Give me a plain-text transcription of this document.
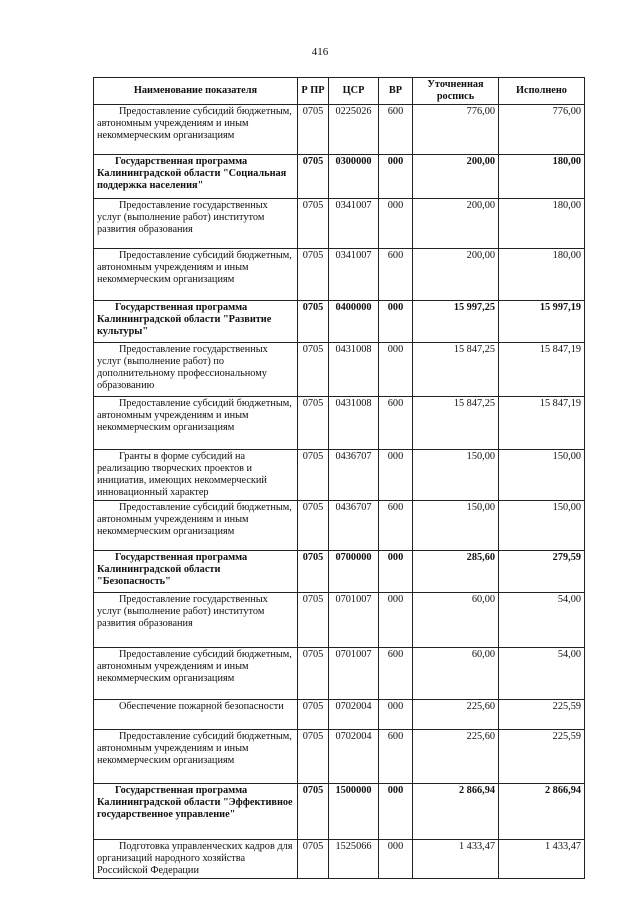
416
Наименование показателя	Р ПР	ЦСР	ВР	Уточненная роспись	Исполнено
Предоставление субсидий бюджетным, автономным учреждениям и иным некоммерческим организациям	0705	0225026	600	776,00	776,00
Государственная программа Калининградской области "Социальная поддержка населения"	0705	0300000	000	200,00	180,00
Предоставление государственных услуг (выполнение работ) институтом развития образования	0705	0341007	000	200,00	180,00
Предоставление субсидий бюджетным, автономным учреждениям и иным некоммерческим организациям	0705	0341007	600	200,00	180,00
Государственная программа Калининградской области "Развитие культуры"	0705	0400000	000	15 997,25	15 997,19
Предоставление государственных услуг (выполнение работ) по дополнительному профессиональному образованию	0705	0431008	000	15 847,25	15 847,19
Предоставление субсидий бюджетным, автономным учреждениям и иным некоммерческим организациям	0705	0431008	600	15 847,25	15 847,19
Гранты в форме субсидий на реализацию творческих проектов и инициатив, имеющих некоммерческий инновационный характер	0705	0436707	000	150,00	150,00
Предоставление субсидий бюджетным, автономным учреждениям и иным некоммерческим организациям	0705	0436707	600	150,00	150,00
Государственная программа Калининградской области "Безопасность"	0705	0700000	000	285,60	279,59
Предоставление государственных услуг (выполнение работ) институтом развития образования	0705	0701007	000	60,00	54,00
Предоставление субсидий бюджетным, автономным учреждениям и иным некоммерческим организациям	0705	0701007	600	60,00	54,00
Обеспечение пожарной безопасности	0705	0702004	000	225,60	225,59
Предоставление субсидий бюджетным, автономным учреждениям и иным некоммерческим организациям	0705	0702004	600	225,60	225,59
Государственная программа Калининградской области "Эффективное государственное управление"	0705	1500000	000	2 866,94	2 866,94
Подготовка управленческих кадров для организаций народного хозяйства Российской Федерации	0705	1525066	000	1 433,47	1 433,47
